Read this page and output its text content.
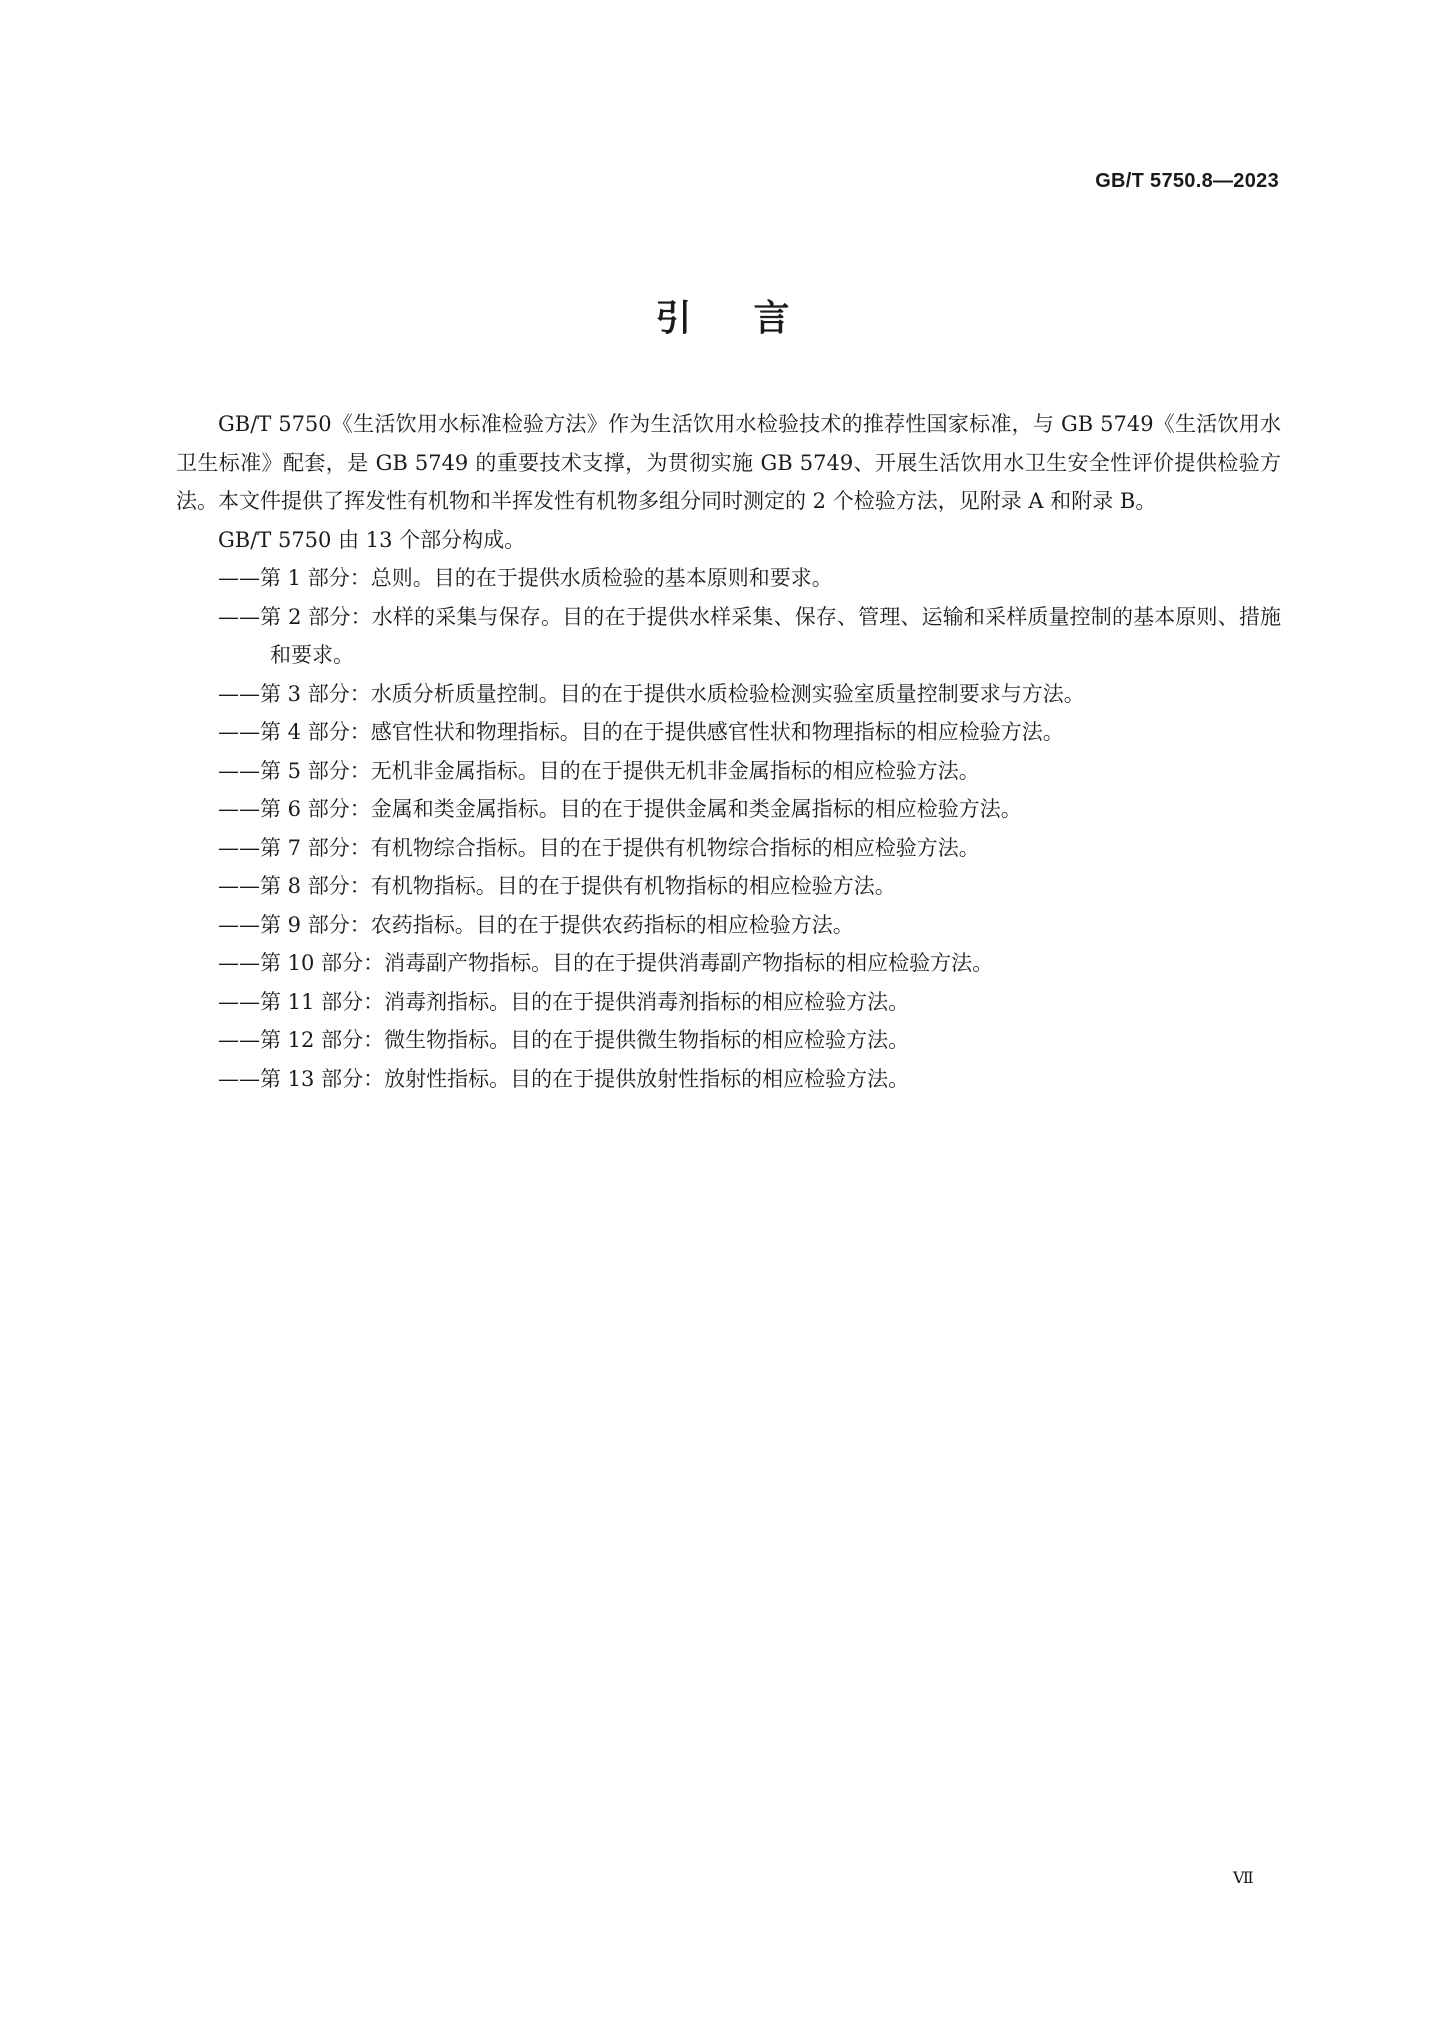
GB/T 5750.8—2023
引言

GB/T 5750《生活饮用水标准检验方法》作为生活饮用水检验技术的推荐性国家标准，与 GB 5749《生活饮用水卫生标准》配套，是 GB 5749 的重要技术支撑，为贯彻实施 GB 5749、开展生活饮用水卫生安全性评价提供检验方法。本文件提供了挥发性有机物和半挥发性有机物多组分同时测定的 2 个检验方法，见附录 A 和附录 B。

GB/T 5750 由 13 个部分构成。

——第 1 部分：总则。目的在于提供水质检验的基本原则和要求。
——第 2 部分：水样的采集与保存。目的在于提供水样采集、保存、管理、运输和采样质量控制的基本原则、措施和要求。
——第 3 部分：水质分析质量控制。目的在于提供水质检验检测实验室质量控制要求与方法。
——第 4 部分：感官性状和物理指标。目的在于提供感官性状和物理指标的相应检验方法。
——第 5 部分：无机非金属指标。目的在于提供无机非金属指标的相应检验方法。
——第 6 部分：金属和类金属指标。目的在于提供金属和类金属指标的相应检验方法。
——第 7 部分：有机物综合指标。目的在于提供有机物综合指标的相应检验方法。
——第 8 部分：有机物指标。目的在于提供有机物指标的相应检验方法。
——第 9 部分：农药指标。目的在于提供农药指标的相应检验方法。
——第 10 部分：消毒副产物指标。目的在于提供消毒副产物指标的相应检验方法。
——第 11 部分：消毒剂指标。目的在于提供消毒剂指标的相应检验方法。
——第 12 部分：微生物指标。目的在于提供微生物指标的相应检验方法。
——第 13 部分：放射性指标。目的在于提供放射性指标的相应检验方法。
Ⅶ
